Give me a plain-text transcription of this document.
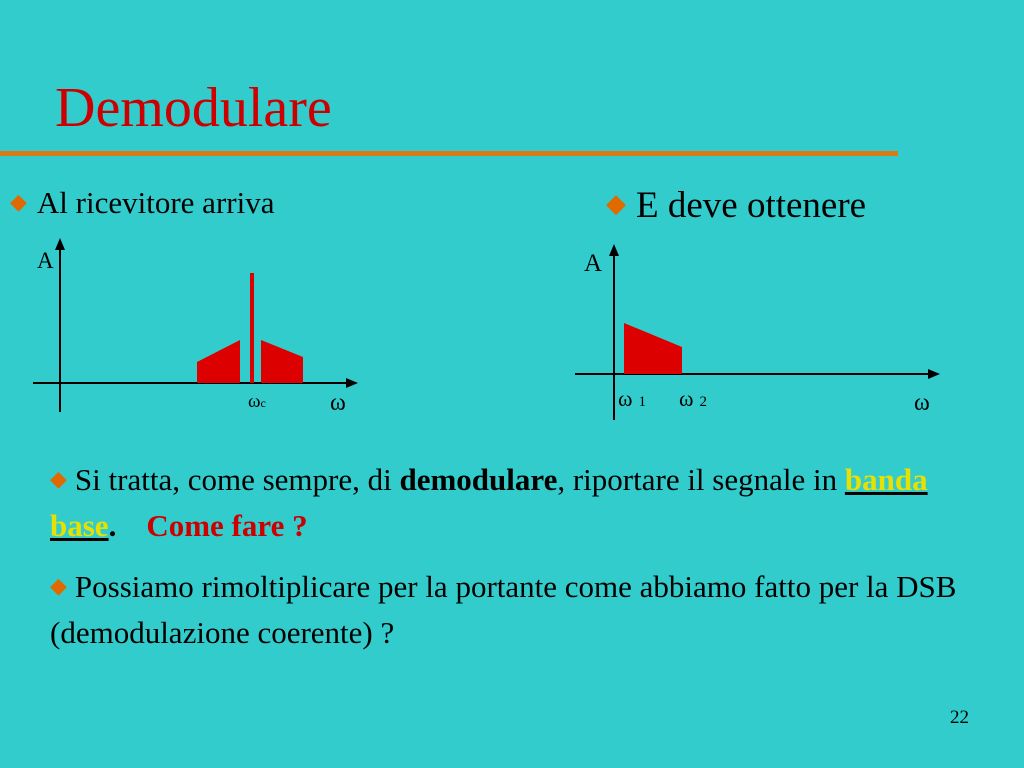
Demodulare
◆ Al ricevitore arriva	◆ E deve ottenere
A
ωc	ω
A
ω 1 ω 2	ω
◆ Si tratta, come sempre, di demodulare, riportare il segnale in banda base. Come fare ?
◆ Possiamo rimoltiplicare per la portante come abbiamo fatto per la DSB (demodulazione coerente) ?
22
